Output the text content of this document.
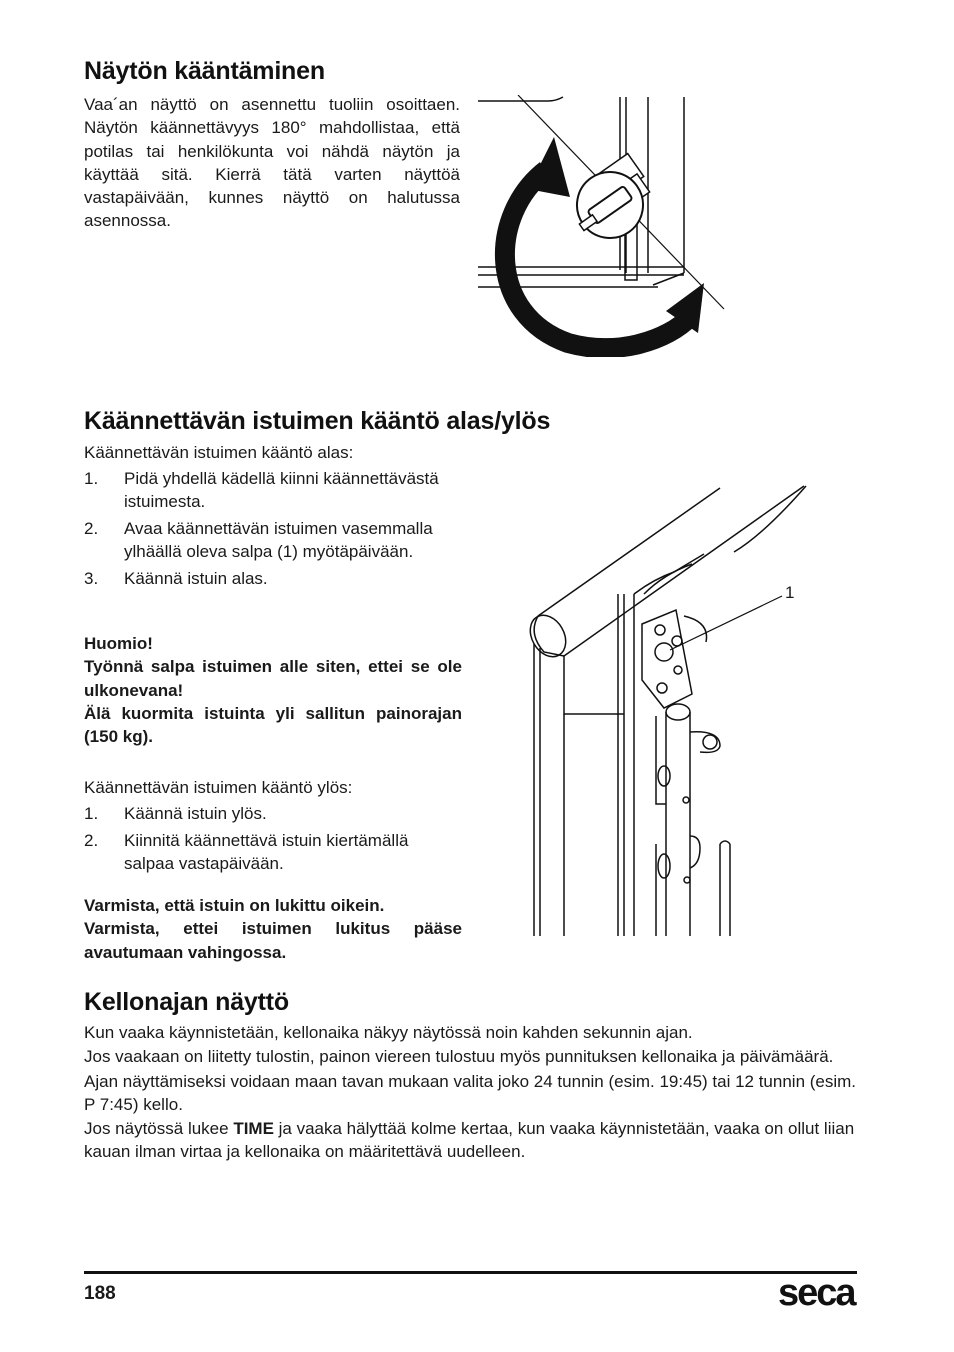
Näytön kääntäminen
Vaa´an näyttö on asennettu tuoliin osoittaen. Näytön käännettävyys 180° mahdollistaa, että potilas tai henkilökunta voi nähdä näytön ja käyttää sitä. Kierrä tätä varten näyttöä vastapäivään, kunnes näyttö on halutussa asennossa.
Käännettävän istuimen kääntö alas/ylös
Käännettävän istuimen kääntö alas:
1. Pidä yhdellä kädellä kiinni käännettävästä istuimesta.
2. Avaa käännettävän istuimen vasemmalla ylhäällä oleva salpa (1) myötäpäivään.
3. Käännä istuin alas.
Huomio!
Työnnä salpa istuimen alle siten, ettei se ole ulkonevana!
Älä kuormita istuinta yli sallitun painorajan (150 kg).
Käännettävän istuimen kääntö ylös:
1. Käännä istuin ylös.
2. Kiinnitä käännettävä istuin kiertämällä salpaa vastapäivään.
Varmista, että istuin on lukittu oikein.
Varmista, ettei istuimen lukitus pääse avautumaan vahingossa.
1
Kellonajan näyttö
Kun vaaka käynnistetään, kellonaika näkyy näytössä noin kahden sekunnin ajan.
Jos vaakaan on liitetty tulostin, painon viereen tulostuu myös punnituksen kellonaika ja päivämäärä.
Ajan näyttämiseksi voidaan maan tavan mukaan valita joko 24 tunnin (esim. 19:45) tai 12 tunnin (esim. P 7:45) kello.
Jos näytössä lukee TIME ja vaaka hälyttää kolme kertaa, kun vaaka käynnistetään, vaaka on ollut liian kauan ilman virtaa ja kellonaika on määritettävä uudelleen.
188	seca
